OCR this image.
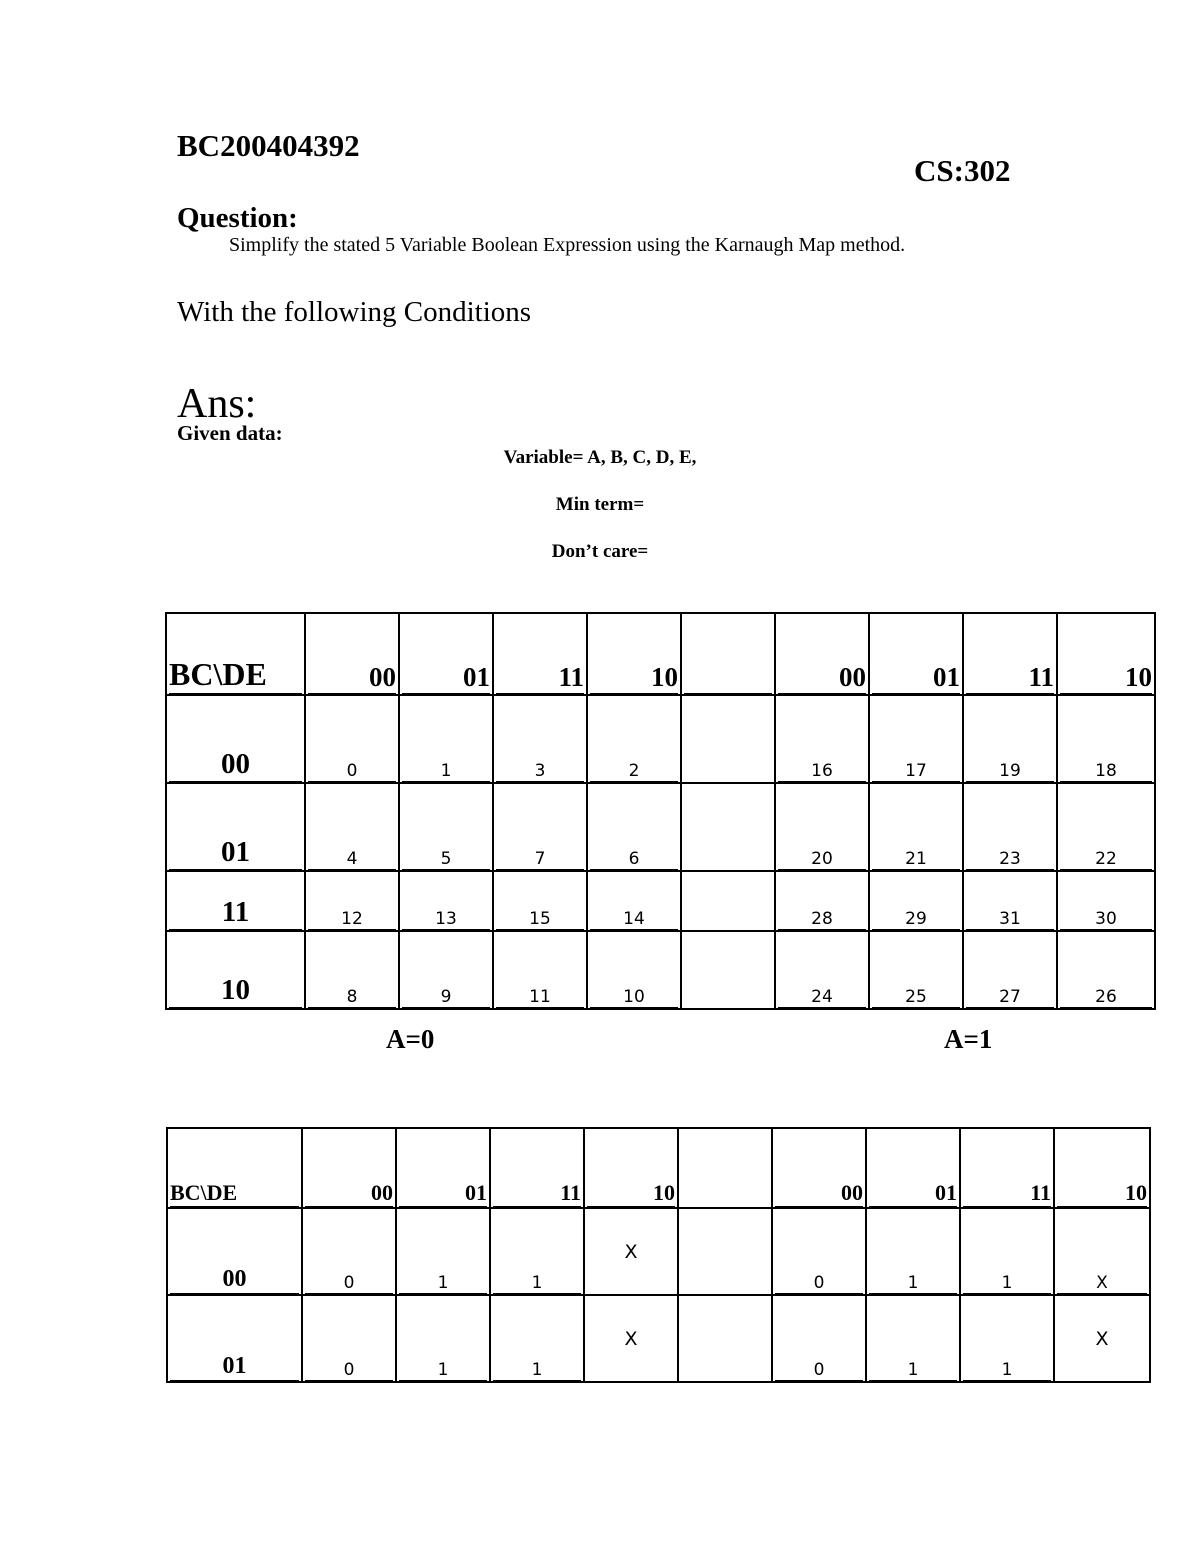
BC200404392
CS:302
Question:
Simplify the stated 5 Variable Boolean Expression using the Karnaugh Map method.
With the following Conditions
Ans:
Given data:
Variable= A, B, C, D, E,
Min term=
Don’t care=
BC\DE	00	01	11	10		00	01	11	10

00	0	1	3	2		16	17	19	18

01	4	5	7	6		20	21	23	22

11	12	13	15	14		28	29	31	30

10	8	9	11	10		24	25	27	26
A=0	A=1
BC\DE	00	01	11	10		00	01	11	10

00	0	1	1	X		0	1	1	X

01	0	1	1	X		0	1	1	X
